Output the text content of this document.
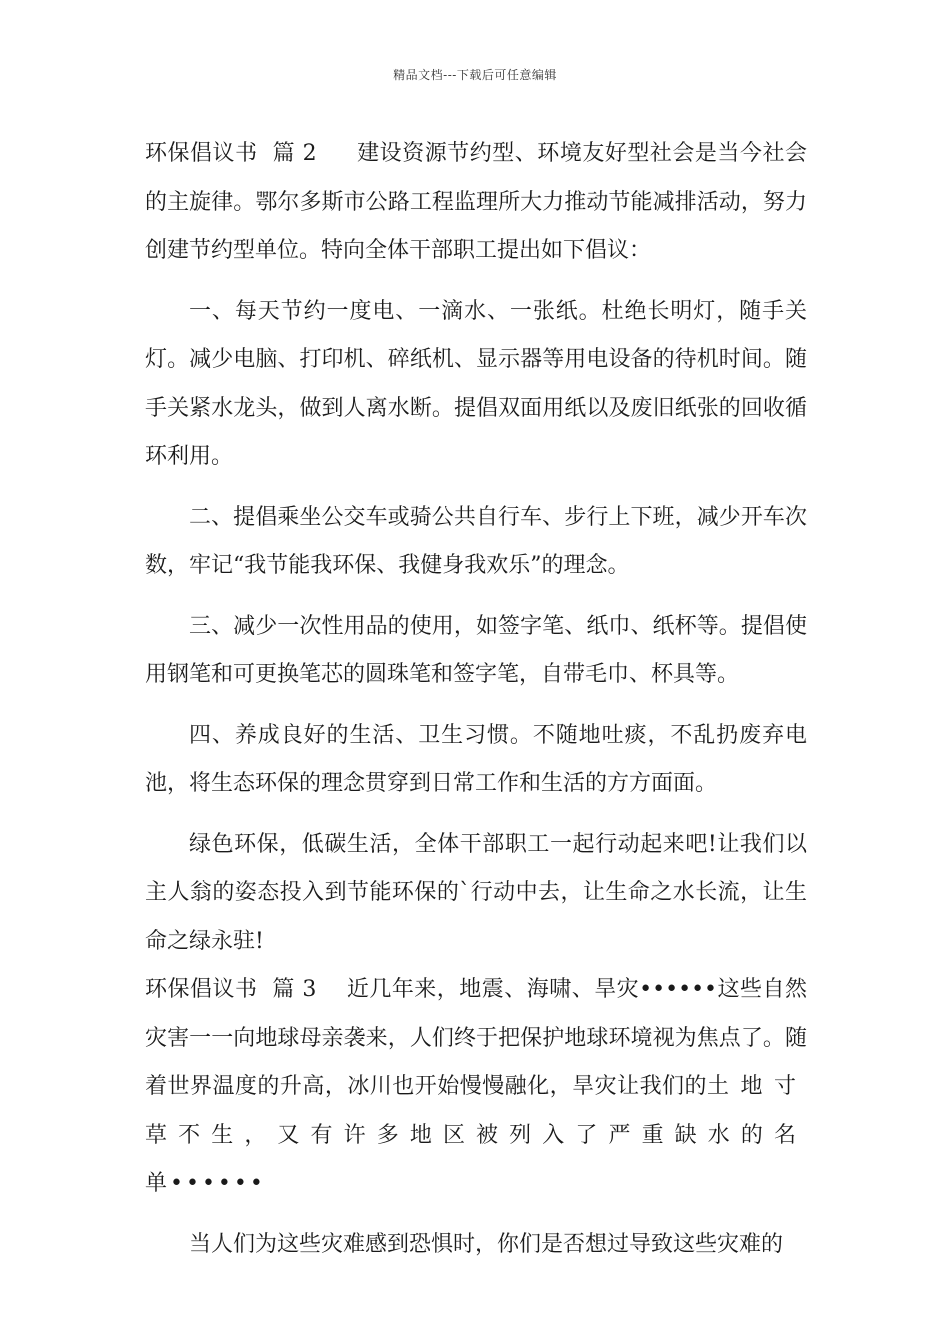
精品文档---下载后可任意编辑

环保倡议书  篇 2 建设资源节约型、环境友好型社会是当今社会的主旋律。鄂尔多斯市公路工程监理所大力推动节能减排活动，努力创建节约型单位。特向全体干部职工提出如下倡议：

一、每天节约一度电、一滴水、一张纸。杜绝长明灯，随手关灯。减少电脑、打印机、碎纸机、显示器等用电设备的待机时间。随手关紧水龙头，做到人离水断。提倡双面用纸以及废旧纸张的回收循环利用。

二、提倡乘坐公交车或骑公共自行车、步行上下班，减少开车次数，牢记“我节能我环保、我健身我欢乐”的理念。

三、减少一次性用品的使用，如签字笔、纸巾、纸杯等。提倡使用钢笔和可更换笔芯的圆珠笔和签字笔，自带毛巾、杯具等。

四、养成良好的生活、卫生习惯。不随地吐痰，不乱扔废弃电池，将生态环保的理念贯穿到日常工作和生活的方方面面。

绿色环保，低碳生活，全体干部职工一起行动起来吧!让我们以主人翁的姿态投入到节能环保的`行动中去，让生命之水长流，让生命之绿永驻!

环保倡议书  篇 3 近几年来，地震、海啸、旱灾••••••这些自然灾害一一向地球母亲袭来，人们终于把保护地球环境视为焦点了。随着世界温度的升高，冰川也开始慢慢融化，旱灾让我们的土地寸草不生，又有许多地区被列入了严重缺水的名单••••••

当人们为这些灾难感到恐惧时，你们是否想过导致这些灾难的
